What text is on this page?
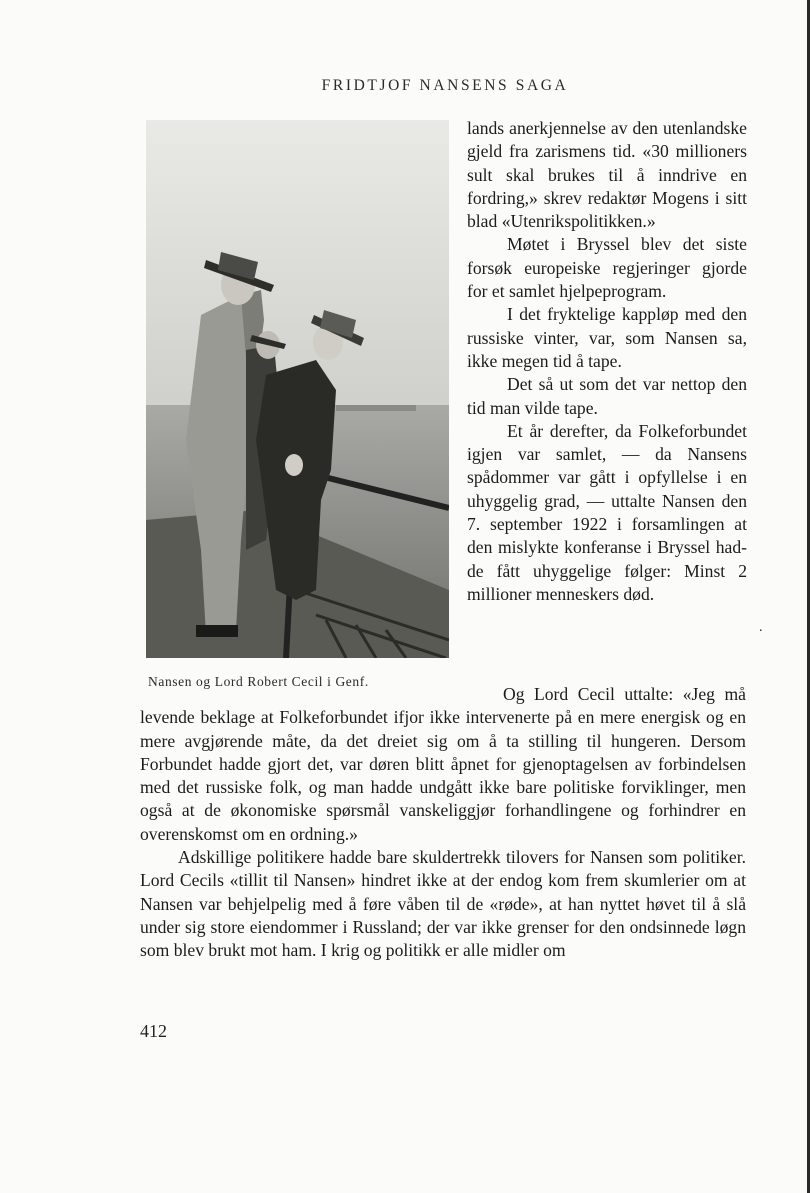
FRIDTJOF NANSENS SAGA
Nansen og Lord Robert Cecil i Genf.

lands anerkjennelse av den utenlandske gjeld fra zarismens tid. «30 millioners sult skal brukes til å inndrive en fordring,» skrev redaktør Mogens i sitt blad «Utenrikspolitikken.»

Møtet i Bryssel blev det siste forsøk europeiske regjeringer gjorde for et samlet hjelpeprogram.

I det fryktelige kappløp med den russiske vinter, var, som Nansen sa, ikke megen tid å tape.

Det så ut som det var nettop den tid man vilde tape.

Et år derefter, da Folkeforbundet igjen var samlet, — da Nansens spådommer var gått i opfyllelse i en uhyggelig grad, — uttalte Nansen den 7. september 1922 i forsamlingen at den mislykte konferanse i Bryssel hadde fått uhyggelige følger: Minst 2 millioner menneskers død.

.

Og Lord Cecil uttalte: «Jeg må levende beklage at Folkeforbundet ifjor ikke intervenerte på en mere energisk og en mere avgjørende måte, da det dreiet sig om å ta stilling til hungeren. Dersom Forbundet hadde gjort det, var døren blitt åpnet for gjenoptagelsen av forbindelsen med det russiske folk, og man hadde undgått ikke bare politiske forviklinger, men også at de økonomiske spørsmål vanskeliggjør forhandlingene og forhindrer en overenskomst om en ordning.»

Adskillige politikere hadde bare skuldertrekk tilovers for Nansen som politiker. Lord Cecils «tillit til Nansen» hindret ikke at der endog kom frem skumlerier om at Nansen var behjelpelig med å føre våben til de «røde», at han nyttet høvet til å slå under sig store eiendommer i Russland; der var ikke grenser for den ondsinnede løgn som blev brukt mot ham. I krig og politikk er alle midler om

412
